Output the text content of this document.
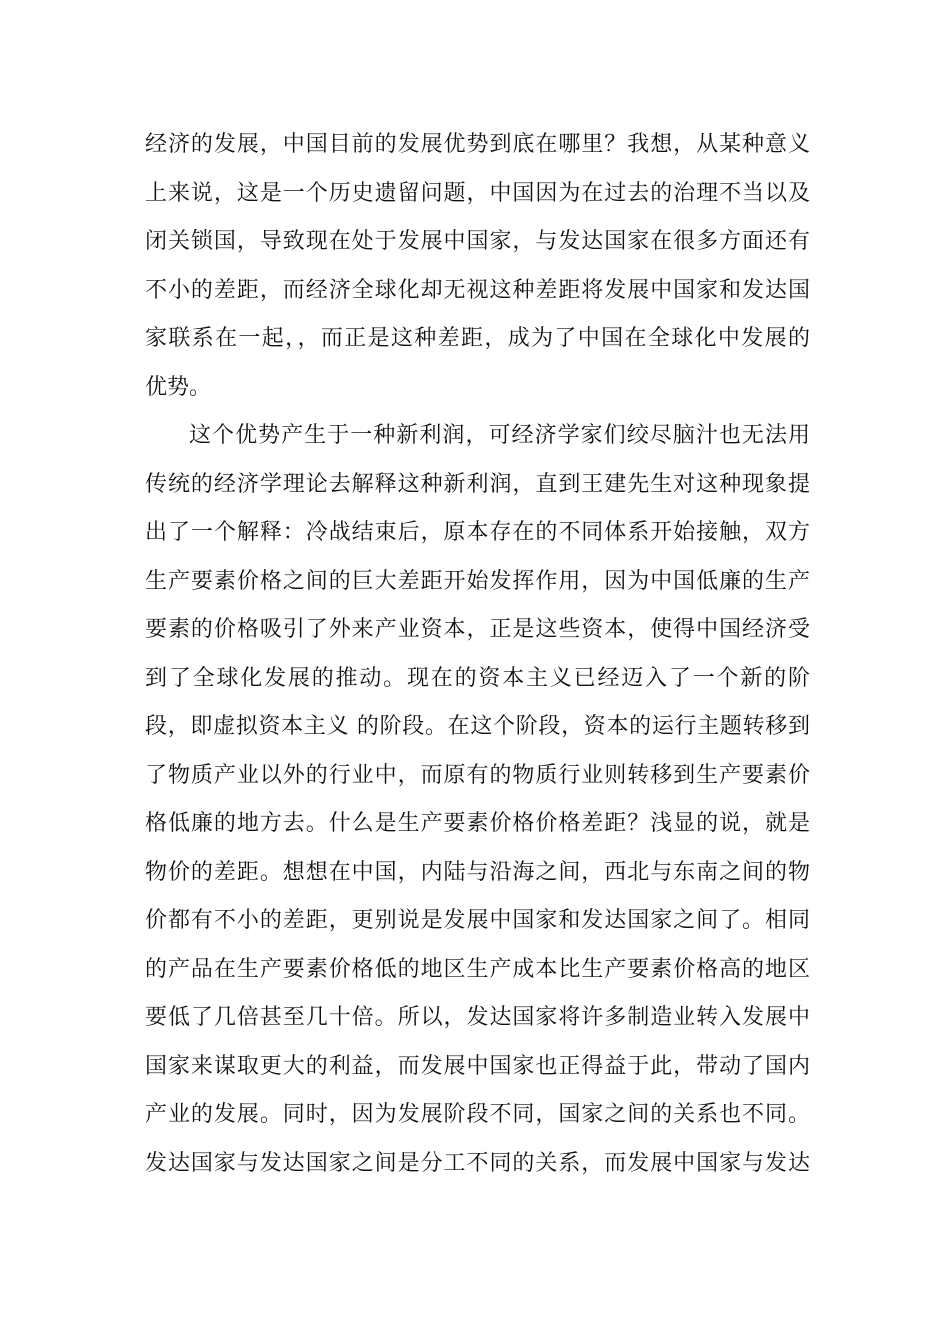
经济的发展，中国目前的发展优势到底在哪里？我想，从某种意义
上来说，这是一个历史遗留问题，中国因为在过去的治理不当以及
闭关锁国，导致现在处于发展中国家，与发达国家在很多方面还有
不小的差距，而经济全球化却无视这种差距将发展中国家和发达国
家联系在一起，，而正是这种差距，成为了中国在全球化中发展的
优势。
这个优势产生于一种新利润，可经济学家们绞尽脑汁也无法用
传统的经济学理论去解释这种新利润，直到王建先生对这种现象提
出了一个解释：冷战结束后，原本存在的不同体系开始接触，双方
生产要素价格之间的巨大差距开始发挥作用，因为中国低廉的生产
要素的价格吸引了外来产业资本，正是这些资本，使得中国经济受
到了全球化发展的推动。现在的资本主义已经迈入了一个新的阶
段，即虚拟资本主义 的阶段。在这个阶段，资本的运行主题转移到
了物质产业以外的行业中，而原有的物质行业则转移到生产要素价
格低廉的地方去。什么是生产要素价格价格差距？浅显的说，就是
物价的差距。想想在中国，内陆与沿海之间，西北与东南之间的物
价都有不小的差距，更别说是发展中国家和发达国家之间了。相同
的产品在生产要素价格低的地区生产成本比生产要素价格高的地区
要低了几倍甚至几十倍。所以，发达国家将许多制造业转入发展中
国家来谋取更大的利益，而发展中国家也正得益于此，带动了国内
产业的发展。同时，因为发展阶段不同，国家之间的关系也不同。
发达国家与发达国家之间是分工不同的关系，而发展中国家与发达
